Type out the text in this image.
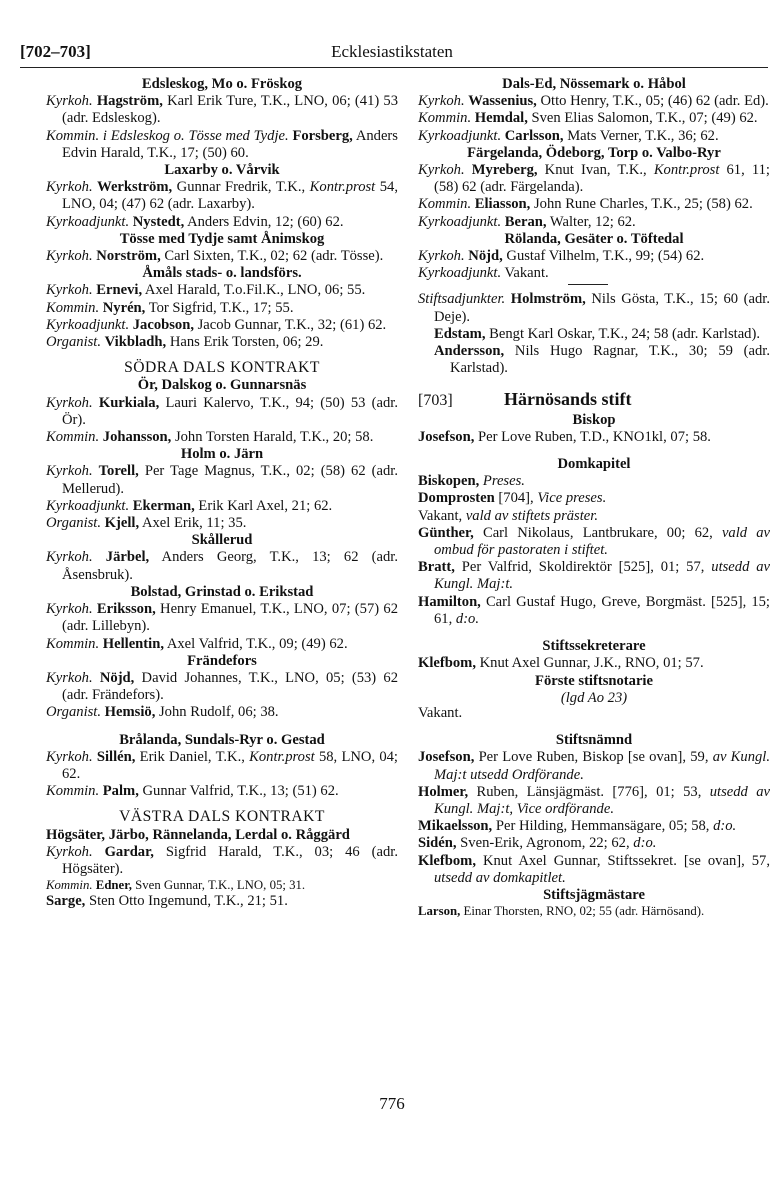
[702–703]	Ecklesiastikstaten
Edsleskog, Mo o. Fröskog
Kyrkoh. Hagström, Karl Erik Ture, T.K., LNO, 06; (41) 53 (adr. Edsleskog).
Kommin. i Edsleskog o. Tösse med Tydje. Forsberg, Anders Edvin Harald, T.K., 17; (50) 60.
Laxarby o. Vårvik
Kyrkoh. Werkström, Gunnar Fredrik, T.K., Kontr.prost 54, LNO, 04; (47) 62 (adr. Laxarby).
Kyrkoadjunkt. Nystedt, Anders Edvin, 12; (60) 62.
Tösse med Tydje samt Ånimskog
Kyrkoh. Norström, Carl Sixten, T.K., 02; 62 (adr. Tösse).
Åmåls stads- o. landsförs.
Kyrkoh. Ernevi, Axel Harald, T.o.Fil.K., LNO, 06; 55.
Kommin. Nyrén, Tor Sigfrid, T.K., 17; 55.
Kyrkoadjunkt. Jacobson, Jacob Gunnar, T.K., 32; (61) 62.
Organist. Vikbladh, Hans Erik Torsten, 06; 29.
SÖDRA DALS KONTRAKT
Ör, Dalskog o. Gunnarsnäs
Kyrkoh. Kurkiala, Lauri Kalervo, T.K., 94; (50) 53 (adr. Ör).
Kommin. Johansson, John Torsten Harald, T.K., 20; 58.
Holm o. Järn
Kyrkoh. Torell, Per Tage Magnus, T.K., 02; (58) 62 (adr. Mellerud).
Kyrkoadjunkt. Ekerman, Erik Karl Axel, 21; 62.
Organist. Kjell, Axel Erik, 11; 35.
Skållerud
Kyrkoh. Järbel, Anders Georg, T.K., 13; 62 (adr. Åsensbruk).
Bolstad, Grinstad o. Erikstad
Kyrkoh. Eriksson, Henry Emanuel, T.K., LNO, 07; (57) 62 (adr. Lillebyn).
Kommin. Hellentin, Axel Valfrid, T.K., 09; (49) 62.
Frändefors
Kyrkoh. Nöjd, David Johannes, T.K., LNO, 05; (53) 62 (adr. Frändefors).
Organist. Hemsiö, John Rudolf, 06; 38.
Brålanda, Sundals-Ryr o. Gestad
Kyrkoh. Sillén, Erik Daniel, T.K., Kontr.prost 58, LNO, 04; 62.
Kommin. Palm, Gunnar Valfrid, T.K., 13; (51) 62.
VÄSTRA DALS KONTRAKT
Högsäter, Järbo, Rännelanda, Lerdal o. Råggärd
Kyrkoh. Gardar, Sigfrid Harald, T.K., 03; 46 (adr. Högsäter).
Kommin. Edner, Sven Gunnar, T.K., LNO, 05; 31.
Sarge, Sten Otto Ingemund, T.K., 21; 51.
Dals-Ed, Nössemark o. Håbol
Kyrkoh. Wassenius, Otto Henry, T.K., 05; (46) 62 (adr. Ed).
Kommin. Hemdal, Sven Elias Salomon, T.K., 07; (49) 62.
Kyrkoadjunkt. Carlsson, Mats Verner, T.K., 36; 62.
Färgelanda, Ödeborg, Torp o. Valbo-Ryr
Kyrkoh. Myreberg, Knut Ivan, T.K., Kontr.prost 61, 11; (58) 62 (adr. Färgelanda).
Kommin. Eliasson, John Rune Charles, T.K., 25; (58) 62.
Kyrkoadjunkt. Beran, Walter, 12; 62.
Rölanda, Gesäter o. Töftedal
Kyrkoh. Nöjd, Gustaf Vilhelm, T.K., 99; (54) 62.
Kyrkoadjunkt. Vakant.
Stiftsadjunkter. Holmström, Nils Gösta, T.K., 15; 60 (adr. Deje).
Edstam, Bengt Karl Oskar, T.K., 24; 58 (adr. Karlstad).
Andersson, Nils Hugo Ragnar, T.K., 30; 59 (adr. Karlstad).
[703]	Härnösands stift
Biskop
Josefson, Per Love Ruben, T.D., KNO1kl, 07; 58.
Domkapitel
Biskopen, Preses.
Domprosten [704], Vice preses.
Vakant, vald av stiftets präster.
Günther, Carl Nikolaus, Lantbrukare, 00; 62, vald av ombud för pastoraten i stiftet.
Bratt, Per Valfrid, Skoldirektör [525], 01; 57, utsedd av Kungl. Maj:t.
Hamilton, Carl Gustaf Hugo, Greve, Borgmäst. [525], 15; 61, d:o.
Stiftssekreterare
Klefbom, Knut Axel Gunnar, J.K., RNO, 01; 57.
Förste stiftsnotarie
(lgd Ao 23)
Vakant.
Stiftsnämnd
Josefson, Per Love Ruben, Biskop [se ovan], 59, av Kungl. Maj:t utsedd Ordförande.
Holmer, Ruben, Länsjägmäst. [776], 01; 53, utsedd av Kungl. Maj:t, Vice ordförande.
Mikaelsson, Per Hilding, Hemmansägare, 05; 58, d:o.
Sidén, Sven-Erik, Agronom, 22; 62, d:o.
Klefbom, Knut Axel Gunnar, Stiftssekret. [se ovan], 57, utsedd av domkapitlet.
Stiftsjägmästare
Larson, Einar Thorsten, RNO, 02; 55 (adr. Härnösand).
776
